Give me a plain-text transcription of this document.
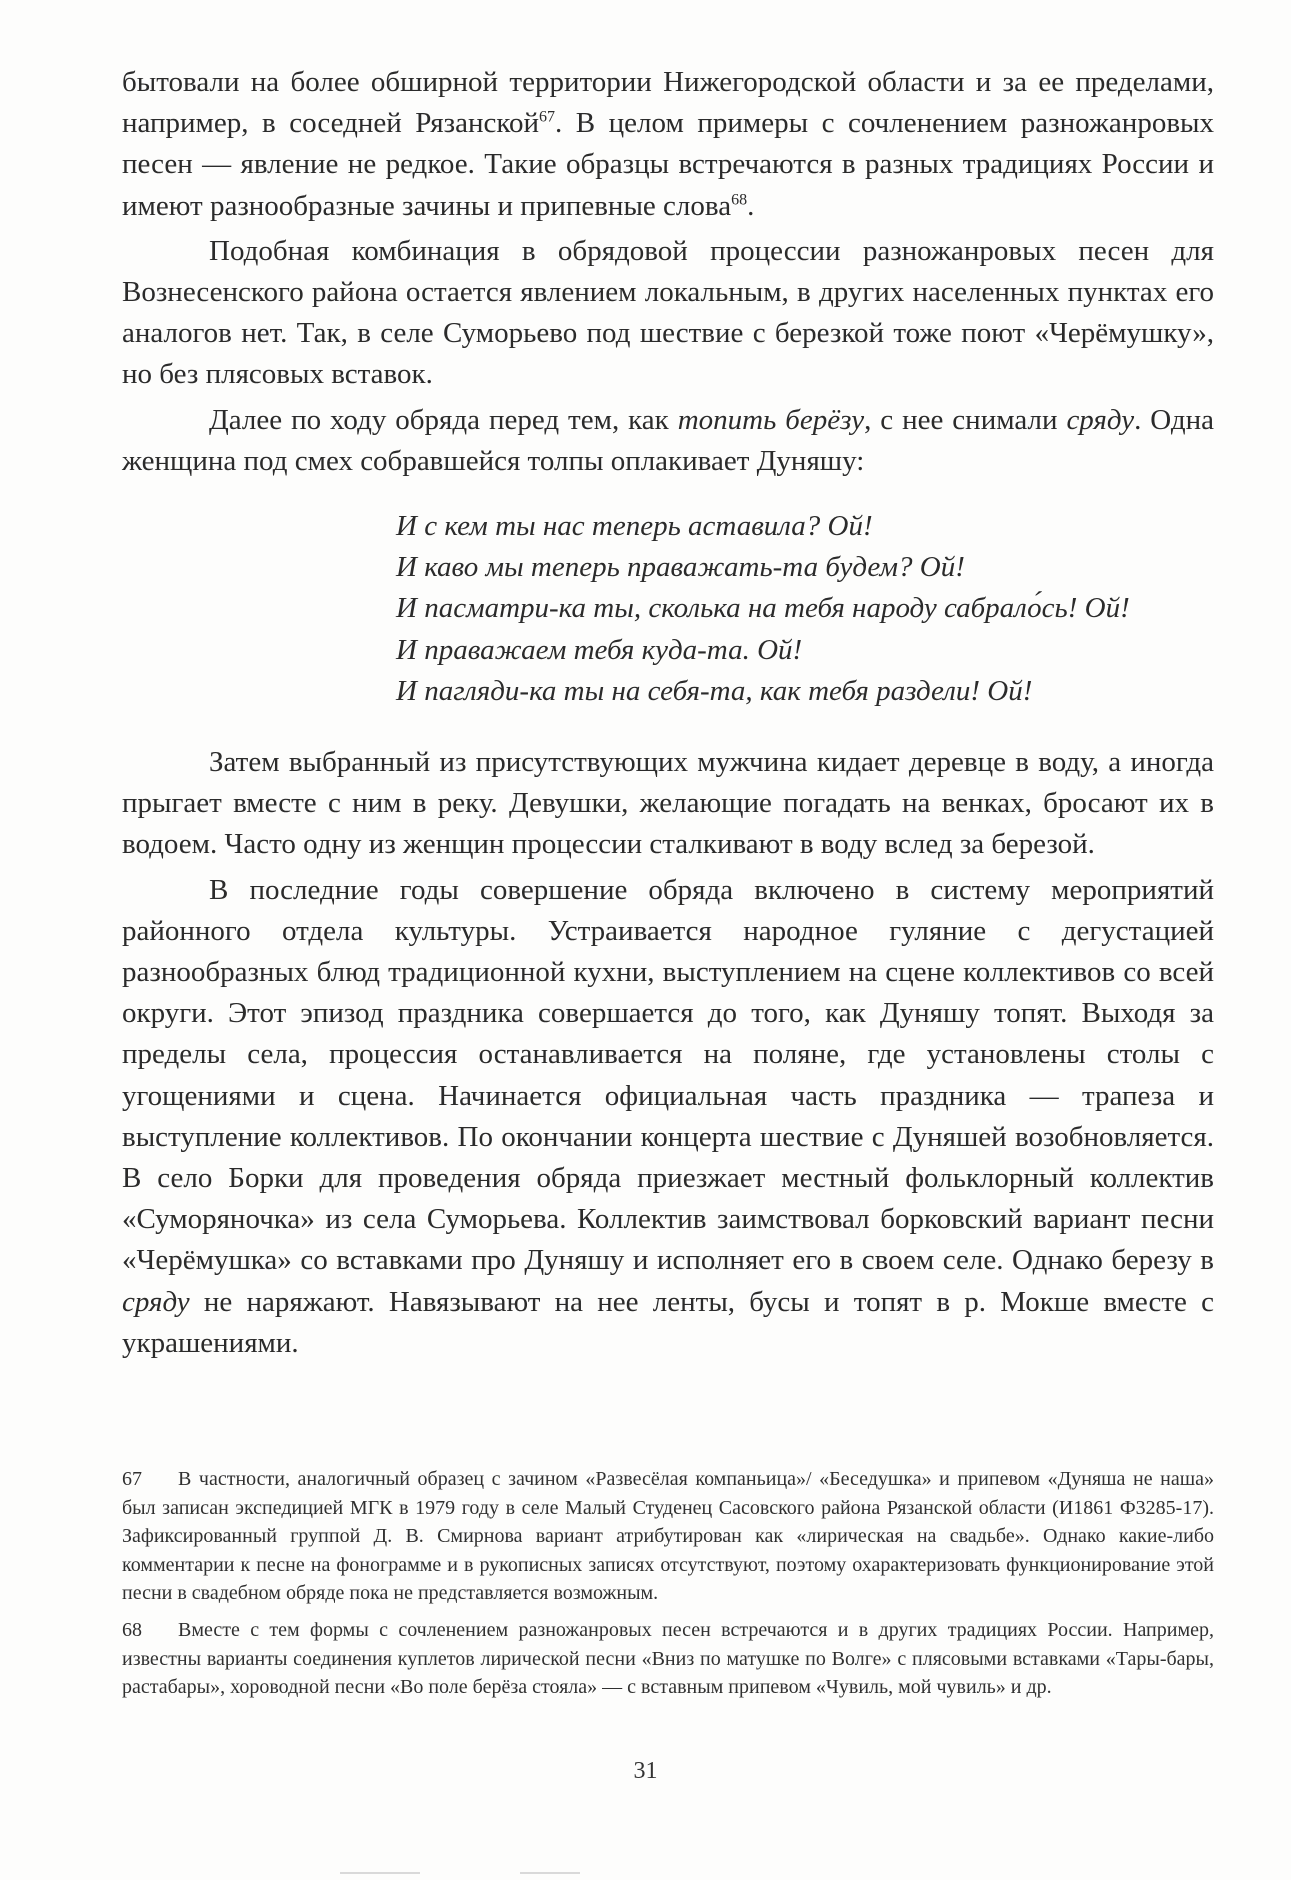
бытовали на более обширной территории Нижегородской области и за ее пределами, например, в соседней Рязанской$^{67}$. В целом примеры с сочленением разножанровых песен — явление не редкое. Такие образцы встречаются в разных традициях России и имеют разнообразные зачины и припевные слова$^{68}$.

Подобная комбинация в обрядовой процессии разножанровых песен для Вознесенского района остается явлением локальным, в других населенных пунктах его аналогов нет. Так, в селе Суморьево под шествие с березкой тоже поют «Черёмушку», но без плясовых вставок.

Далее по ходу обряда перед тем, как топить берёзу, с нее снимали сряду. Одна женщина под смех собравшейся толпы оплакивает Дуняшу:

И с кем ты нас теперь аставила? Ой!
И каво мы теперь праважать-та будем? Ой!
И пасматри-ка ты, сколька на тебя народу сабрало́сь! Ой!
И праважаем тебя куда-та. Ой!
И пагляди-ка ты на себя-та, как тебя раздели! Ой!

Затем выбранный из присутствующих мужчина кидает деревце в воду, а иногда прыгает вместе с ним в реку. Девушки, желающие погадать на венках, бросают их в водоем. Часто одну из женщин процессии сталкивают в воду вслед за березой.

В последние годы совершение обряда включено в систему мероприятий районного отдела культуры. Устраивается народное гуляние с дегустацией разнообразных блюд традиционной кухни, выступлением на сцене коллективов со всей округи. Этот эпизод праздника совершается до того, как Дуняшу топят. Выходя за пределы села, процессия останавливается на поляне, где установлены столы с угощениями и сцена. Начинается официальная часть праздника — трапеза и выступление коллективов. По окончании концерта шествие с Дуняшей возобновляется. В село Борки для проведения обряда приезжает местный фольклорный коллектив «Суморяночка» из села Суморьева. Коллектив заимствовал борковский вариант песни «Черёмушка» со вставками про Дуняшу и исполняет его в своем селе. Однако березу в сряду не наряжают. Навязывают на нее ленты, бусы и топят в р. Мокше вместе с украшениями.

67 В частности, аналогичный образец с зачином «Развесёлая компаньица»/ «Беседушка» и припевом «Дуняша не наша» был записан экспедицией МГК в 1979 году в селе Малый Студенец Сасовского района Рязанской области (И1861 Ф3285-17). Зафиксированный группой Д. В. Смирнова вариант атрибутирован как «лирическая на свадьбе». Однако какие-либо комментарии к песне на фонограмме и в рукописных записях отсутствуют, поэтому охарактеризовать функционирование этой песни в свадебном обряде пока не представляется возможным.

68 Вместе с тем формы с сочленением разножанровых песен встречаются и в других традициях России. Например, известны варианты соединения куплетов лирической песни «Вниз по матушке по Волге» с плясовыми вставками «Тары-бары, растабары», хороводной песни «Во поле берёза стояла» — с вставным припевом «Чувиль, мой чувиль» и др.

31
